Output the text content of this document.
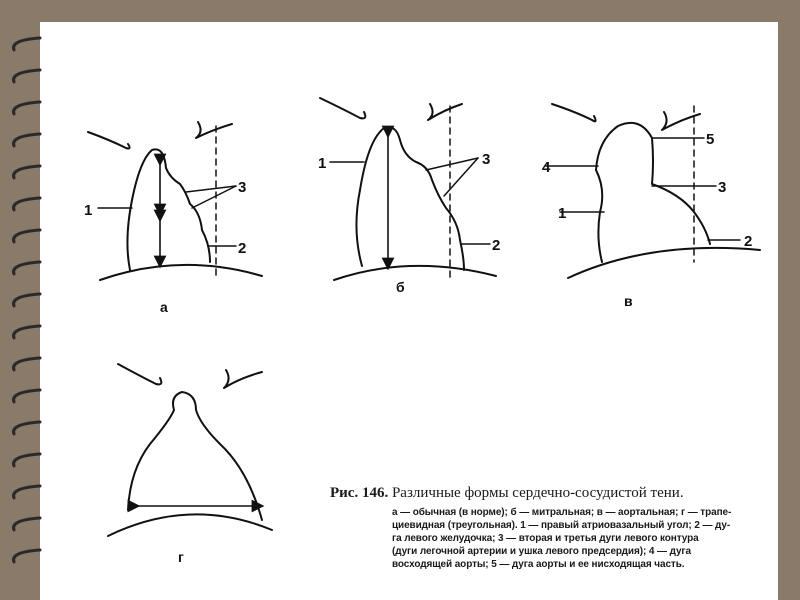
1
3
2
а
1	3
2
б
5
4
3
1
2
в
г
Рис. 146. Различные формы сердечно-сосудистой тени.
а — обычная (в норме); б — митральная; в — аортальная; г — трапе-
циевидная (треугольная). 1 — правый атриовазальный угол; 2 — ду-
га левого желудочка; 3 — вторая и третья дуги левого контура
(дуги легочной артерии и ушка левого предсердия); 4 — дуга
восходящей аорты; 5 — дуга аорты и ее нисходящая часть.
